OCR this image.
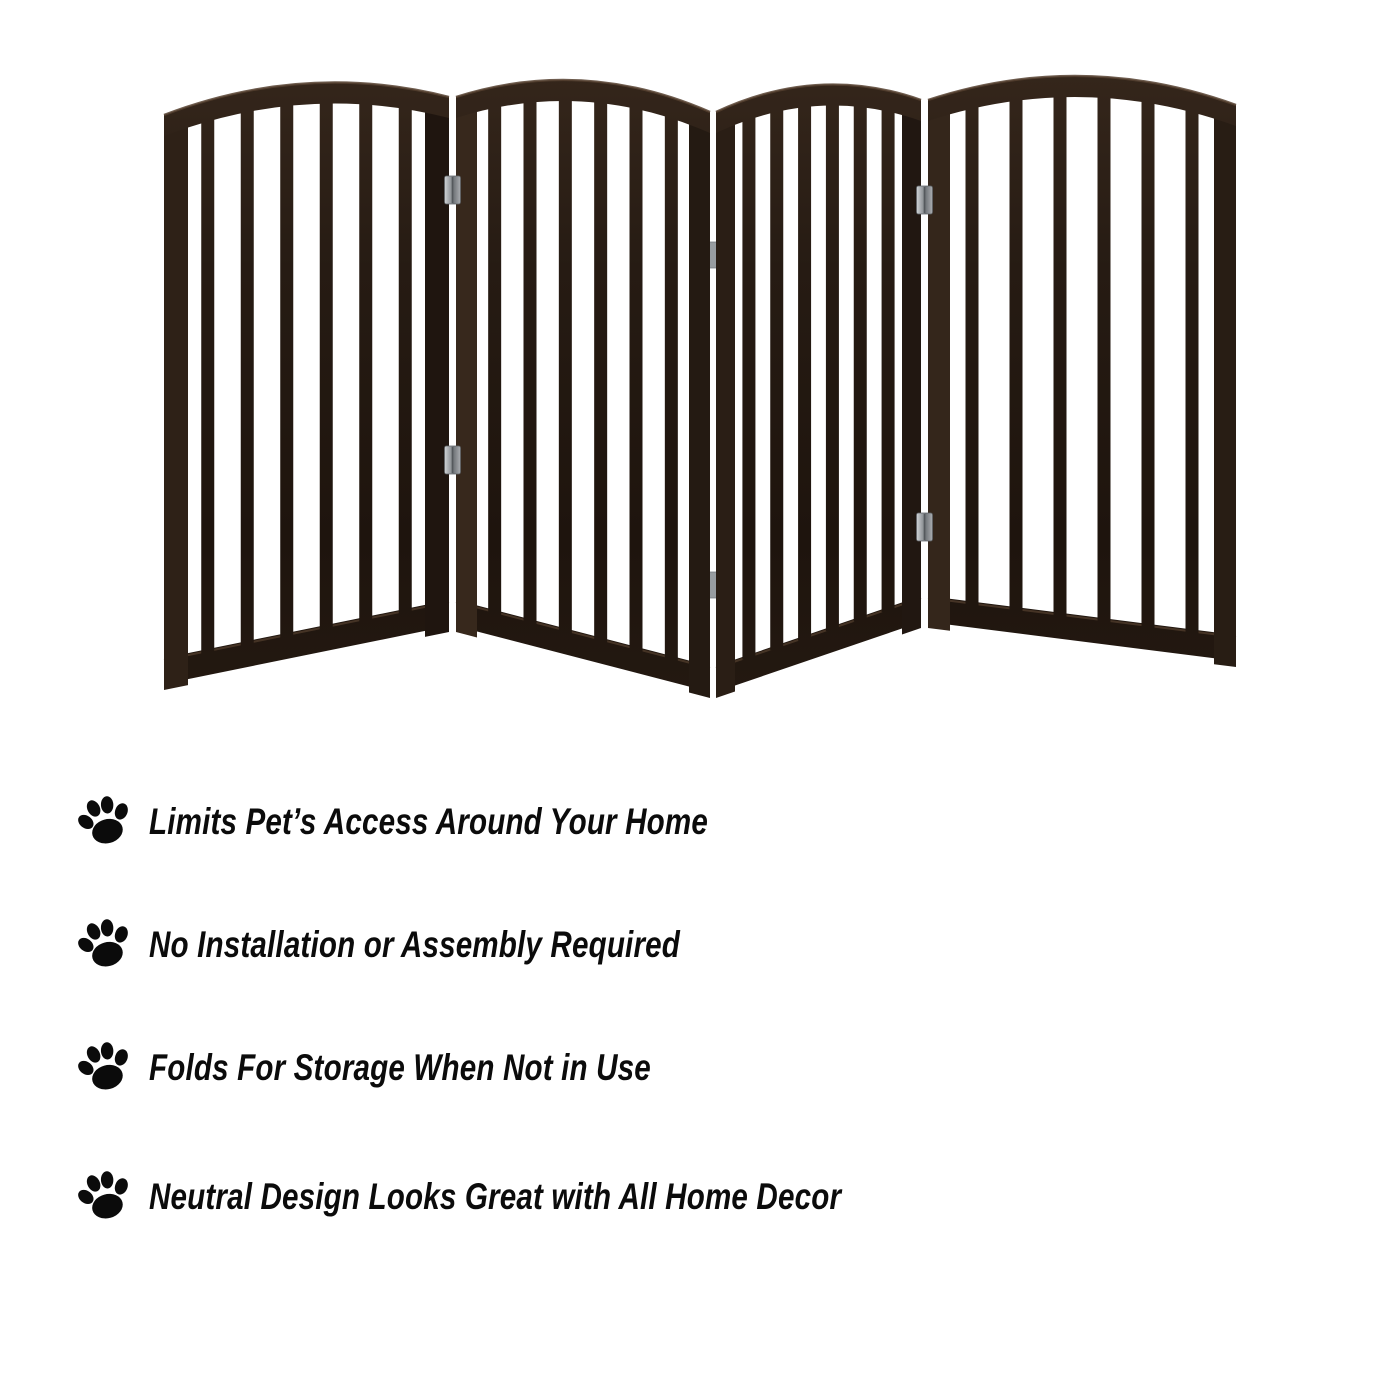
Limits Pet’s Access Around Your Home
No Installation or Assembly Required
Folds For Storage When Not in Use
Neutral Design Looks Great with All Home Decor
